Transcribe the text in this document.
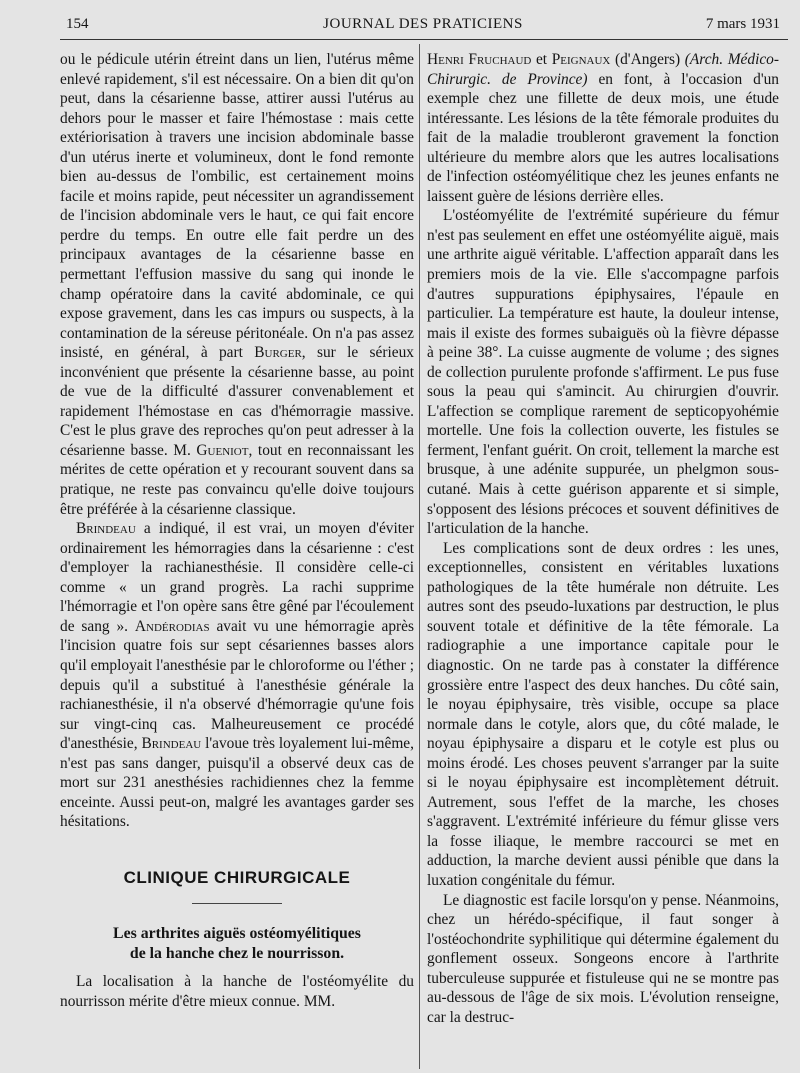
154	JOURNAL DES PRATICIENS	7 mars 1931

ou le pédicule utérin étreint dans un lien, l'utérus même enlevé rapidement, s'il est nécessaire. On a bien dit qu'on peut, dans la césarienne basse, attirer aussi l'utérus au dehors pour le masser et faire l'hémostase : mais cette extériorisation à travers une incision abdominale basse d'un utérus inerte et volumineux, dont le fond remonte bien au-dessus de l'ombilic, est certainement moins facile et moins rapide, peut nécessiter un agrandissement de l'incision abdominale vers le haut, ce qui fait encore perdre du temps. En outre elle fait perdre un des principaux avantages de la césarienne basse en permettant l'effusion massive du sang qui inonde le champ opératoire dans la cavité abdominale, ce qui expose gravement, dans les cas impurs ou suspects, à la contamination de la séreuse péritonéale. On n'a pas assez insisté, en général, à part Burger, sur le sérieux inconvénient que présente la césarienne basse, au point de vue de la difficulté d'assurer convenablement et rapidement l'hémostase en cas d'hémorragie massive. C'est le plus grave des reproches qu'on peut adresser à la césarienne basse. M. Gueniot, tout en reconnaissant les mérites de cette opération et y recourant souvent dans sa pratique, ne reste pas convaincu qu'elle doive toujours être préférée à la césarienne classique.

Brindeau a indiqué, il est vrai, un moyen d'éviter ordinairement les hémorragies dans la césarienne : c'est d'employer la rachianesthésie. Il considère celle-ci comme « un grand progrès. La rachi supprime l'hémorragie et l'on opère sans être gêné par l'écoulement de sang ». Andérodias avait vu une hémorragie après l'incision quatre fois sur sept césariennes basses alors qu'il employait l'anesthésie par le chloroforme ou l'éther ; depuis qu'il a substitué à l'anesthésie générale la rachianesthésie, il n'a observé d'hémorragie qu'une fois sur vingt-cinq cas. Malheureusement ce procédé d'anesthésie, Brindeau l'avoue très loyalement lui-même, n'est pas sans danger, puisqu'il a observé deux cas de mort sur 231 anesthésies rachidiennes chez la femme enceinte. Aussi peut-on, malgré les avantages garder ses hésitations.

CLINIQUE CHIRURGICALE
Les arthrites aiguës ostéomyélitiques
de la hanche chez le nourrisson.

La localisation à la hanche de l'ostéomyélite du nourrisson mérite d'être mieux connue. MM.

Henri Fruchaud et Peignaux (d'Angers) (Arch. Médico-Chirurgic. de Province) en font, à l'occasion d'un exemple chez une fillette de deux mois, une étude intéressante. Les lésions de la tête fémorale produites du fait de la maladie troubleront gravement la fonction ultérieure du membre alors que les autres localisations de l'infection ostéomyélitique chez les jeunes enfants ne laissent guère de lésions derrière elles.

L'ostéomyélite de l'extrémité supérieure du fémur n'est pas seulement en effet une ostéomyélite aiguë, mais une arthrite aiguë véritable. L'affection apparaît dans les premiers mois de la vie. Elle s'accompagne parfois d'autres suppurations épiphysaires, l'épaule en particulier. La température est haute, la douleur intense, mais il existe des formes subaiguës où la fièvre dépasse à peine 38°. La cuisse augmente de volume ; des signes de collection purulente profonde s'affirment. Le pus fuse sous la peau qui s'amincit. Au chirurgien d'ouvrir. L'affection se complique rarement de septicopyohémie mortelle. Une fois la collection ouverte, les fistules se ferment, l'enfant guérit. On croit, tellement la marche est brusque, à une adénite suppurée, un phelgmon sous-cutané. Mais à cette guérison apparente et si simple, s'opposent des lésions précoces et souvent définitives de l'articulation de la hanche.

Les complications sont de deux ordres : les unes, exceptionnelles, consistent en véritables luxations pathologiques de la tête humérale non détruite. Les autres sont des pseudo-luxations par destruction, le plus souvent totale et définitive de la tête fémorale. La radiographie a une importance capitale pour le diagnostic. On ne tarde pas à constater la différence grossière entre l'aspect des deux hanches. Du côté sain, le noyau épiphysaire, très visible, occupe sa place normale dans le cotyle, alors que, du côté malade, le noyau épiphysaire a disparu et le cotyle est plus ou moins érodé. Les choses peuvent s'arranger par la suite si le noyau épiphysaire est incomplètement détruit. Autrement, sous l'effet de la marche, les choses s'aggravent. L'extrémité inférieure du fémur glisse vers la fosse iliaque, le membre raccourci se met en adduction, la marche devient aussi pénible que dans la luxation congénitale du fémur.

Le diagnostic est facile lorsqu'on y pense. Néanmoins, chez un hérédo-spécifique, il faut songer à l'ostéochondrite syphilitique qui détermine également du gonflement osseux. Songeons encore à l'arthrite tuberculeuse suppurée et fistuleuse qui ne se montre pas au-dessous de l'âge de six mois. L'évolution renseigne, car la destruc-
